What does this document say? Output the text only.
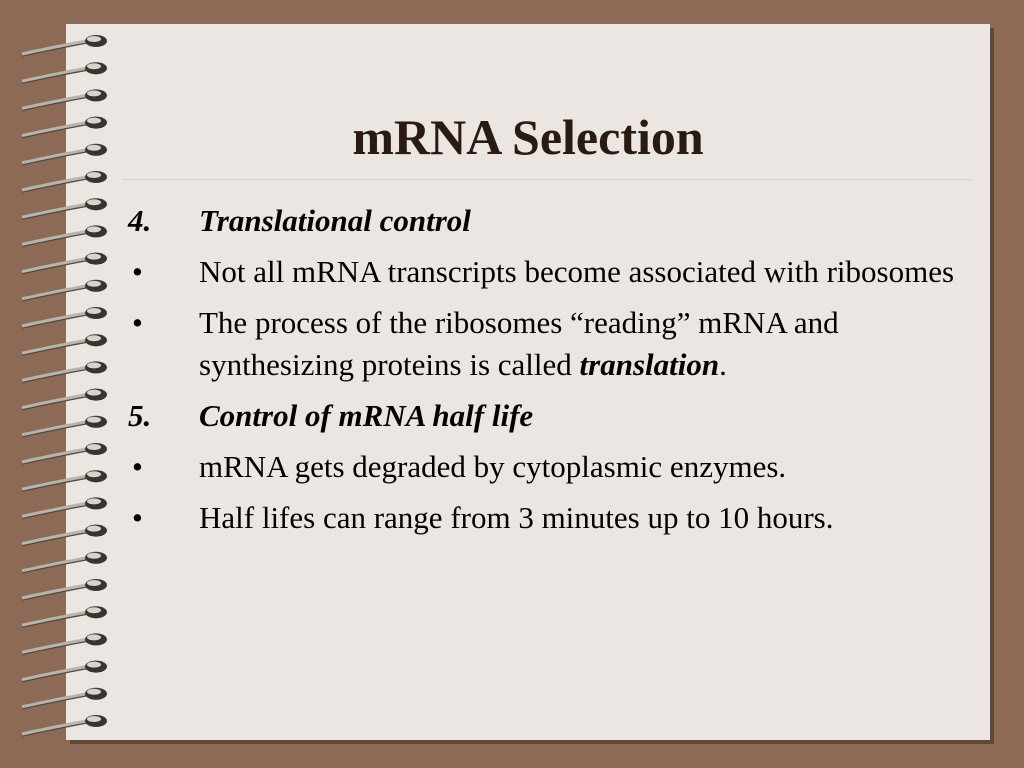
mRNA Selection
4.	Translational control
•	Not all mRNA transcripts become associated with ribosomes
•	The process of the ribosomes “reading” mRNA and synthesizing proteins is called translation.
5.	Control of mRNA half life
•	mRNA gets degraded by cytoplasmic enzymes.
•	Half lifes can range from 3 minutes up to 10 hours.
